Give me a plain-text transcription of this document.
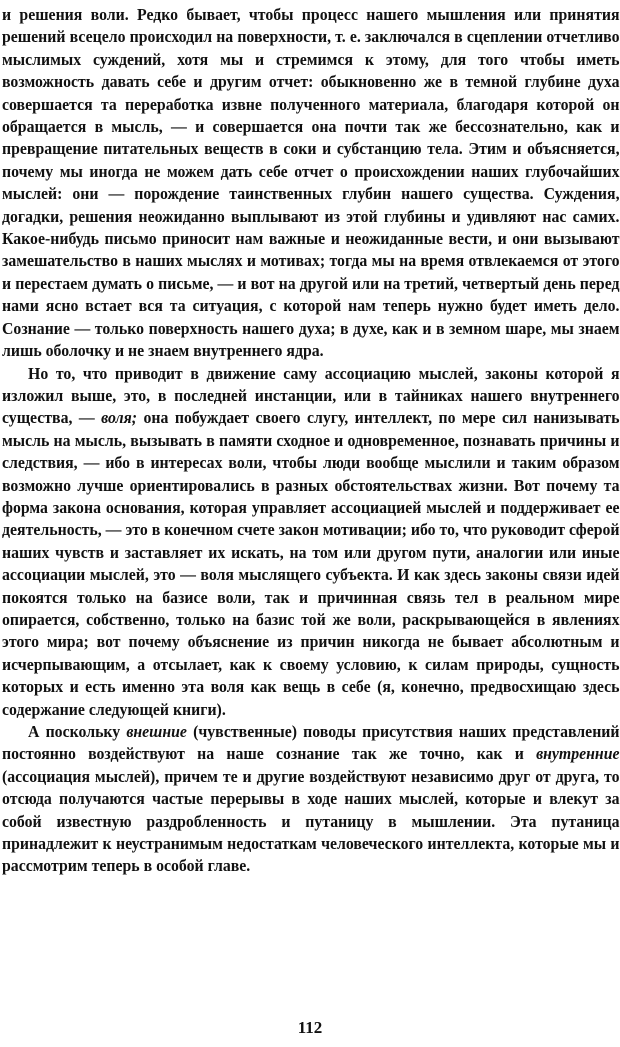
и решения воли. Редко бывает, чтобы процесс нашего мышления или принятия решений всецело происходил на поверхности, т. е. заключался в сцеплении отчетливо мыслимых суждений, хотя мы и стремимся к этому, для того чтобы иметь возможность давать себе и другим отчет: обыкновенно же в темной глубине духа совершается та переработка извне полученного материала, благодаря которой он обращается в мысль, — и совершается она почти так же бессознательно, как и превращение питательных веществ в соки и субстанцию тела. Этим и объясняется, почему мы иногда не можем дать себе отчет о происхождении наших глубочайших мыслей: они — порождение таинственных глубин нашего существа. Суждения, догадки, решения неожиданно выплывают из этой глубины и удивляют нас самих. Какое-нибудь письмо приносит нам важные и неожиданные вести, и они вызывают замешательство в наших мыслях и мотивах; тогда мы на время отвлекаемся от этого и перестаем думать о письме, — и вот на другой или на третий, четвертый день перед нами ясно встает вся та ситуация, с которой нам теперь нужно будет иметь дело. Сознание — только поверхность нашего духа; в духе, как и в земном шаре, мы знаем лишь оболочку и не знаем внутреннего ядра.

Но то, что приводит в движение саму ассоциацию мыслей, законы которой я изложил выше, это, в последней инстанции, или в тайниках нашего внутреннего существа, — воля; она побуждает своего слугу, интеллект, по мере сил нанизывать мысль на мысль, вызывать в памяти сходное и одновременное, познавать причины и следствия, — ибо в интересах воли, чтобы люди вообще мыслили и таким образом возможно лучше ориентировались в разных обстоятельствах жизни. Вот почему та форма закона основания, которая управляет ассоциацией мыслей и поддерживает ее деятельность, — это в конечном счете закон мотивации; ибо то, что руководит сферой наших чувств и заставляет их искать, на том или другом пути, аналогии или иные ассоциации мыслей, это — воля мыслящего субъекта. И как здесь законы связи идей покоятся только на базисе воли, так и причинная связь тел в реальном мире опирается, собственно, только на базис той же воли, раскрывающейся в явлениях этого мира; вот почему объяснение из причин никогда не бывает абсолютным и исчерпывающим, а отсылает, как к своему условию, к силам природы, сущность которых и есть именно эта воля как вещь в себе (я, конечно, предвосхищаю здесь содержание следующей книги).

А поскольку внешние (чувственные) поводы присутствия наших представлений постоянно воздействуют на наше сознание так же точно, как и внутренние (ассоциация мыслей), причем те и другие воздействуют независимо друг от друга, то отсюда получаются частые перерывы в ходе наших мыслей, которые и влекут за собой известную раздробленность и путаницу в мышлении. Эта путаница принадлежит к неустранимым недостаткам человеческого интеллекта, которые мы и рассмотрим теперь в особой главе.

112
